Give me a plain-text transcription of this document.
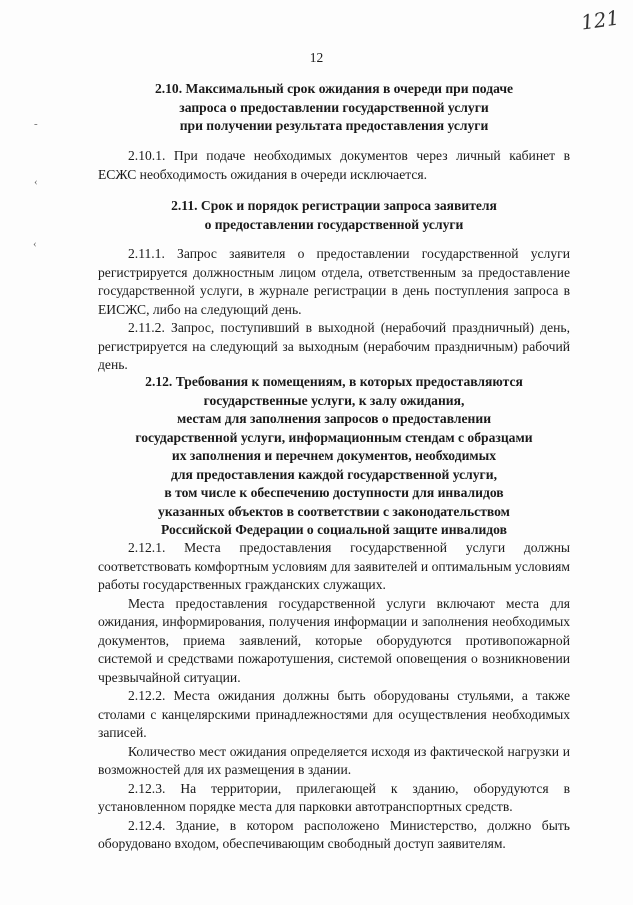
121
12
-
‹
‹

2.10. Максимальный срок ожидания в очереди при подаче
запроса о предоставлении государственной услуги
при получении результата предоставления услуги

2.10.1. При подаче необходимых документов через личный кабинет в ЕСЖС необходимость ожидания в очереди исключается.

2.11. Срок и порядок регистрации запроса заявителя
о предоставлении государственной услуги

2.11.1. Запрос заявителя о предоставлении государственной услуги регистрируется должностным лицом отдела, ответственным за предоставление государственной услуги, в журнале регистрации в день поступления запроса в ЕИСЖС, либо на следующий день.

2.11.2. Запрос, поступивший в выходной (нерабочий праздничный) день, регистрируется на следующий за выходным (нерабочим праздничным) рабочий день.

2.12. Требования к помещениям, в которых предоставляются
государственные услуги, к залу ожидания,
местам для заполнения запросов о предоставлении
государственной услуги, информационным стендам с образцами
их заполнения и перечнем документов, необходимых
для предоставления каждой государственной услуги,
в том числе к обеспечению доступности для инвалидов
указанных объектов в соответствии с законодательством
Российской Федерации о социальной защите инвалидов

2.12.1. Места предоставления государственной услуги должны соответствовать комфортным условиям для заявителей и оптимальным условиям работы государственных гражданских служащих.

Места предоставления государственной услуги включают места для ожидания, информирования, получения информации и заполнения необходимых документов, приема заявлений, которые оборудуются противопожарной системой и средствами пожаротушения, системой оповещения о возникновении чрезвычайной ситуации.

2.12.2. Места ожидания должны быть оборудованы стульями, а также столами с канцелярскими принадлежностями для осуществления необходимых записей.

Количество мест ожидания определяется исходя из фактической нагрузки и возможностей для их размещения в здании.

2.12.3. На территории, прилегающей к зданию, оборудуются в установленном порядке места для парковки автотранспортных средств.

2.12.4. Здание, в котором расположено Министерство, должно быть оборудовано входом, обеспечивающим свободный доступ заявителям.
